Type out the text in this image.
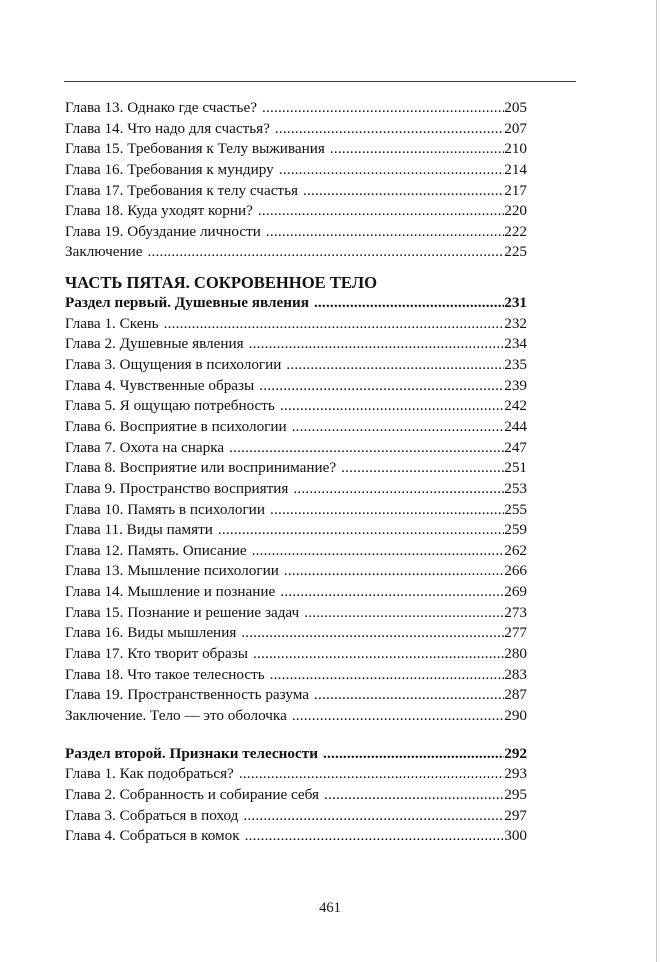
Глава 13. Однако где счастье? .....	205
Глава 14. Что надо для счастья? .....	207
Глава 15. Требования к Телу выживания .....	210
Глава 16. Требования к мундиру .....	214
Глава 17. Требования к телу счастья .....	217
Глава 18. Куда уходят корни? .....	220
Глава 19. Обуздание личности .....	222
Заключение .....	225
ЧАСТЬ ПЯТАЯ. СОКРОВЕННОЕ ТЕЛО
Раздел первый. Душевные явления .....	231
Глава 1. Скень .....	232
Глава 2. Душевные явления .....	234
Глава 3. Ощущения в психологии .....	235
Глава 4. Чувственные образы .....	239
Глава 5. Я ощущаю потребность .....	242
Глава 6. Восприятие в психологии .....	244
Глава 7. Охота на снарка .....	247
Глава 8. Восприятие или воспринимание? .....	251
Глава 9. Пространство восприятия .....	253
Глава 10. Память в психологии .....	255
Глава 11. Виды памяти .....	259
Глава 12. Память. Описание .....	262
Глава 13. Мышление психологии .....	266
Глава 14. Мышление и познание .....	269
Глава 15. Познание и решение задач .....	273
Глава 16. Виды мышления .....	277
Глава 17. Кто творит образы .....	280
Глава 18. Что такое телесность .....	283
Глава 19. Пространственность разума .....	287
Заключение. Тело — это оболочка .....	290
Раздел второй. Признаки телесности .....	292
Глава 1. Как подобраться? .....	293
Глава 2. Собранность и собирание себя .....	295
Глава 3. Собраться в поход .....	297
Глава 4. Собраться в комок .....	300
461
